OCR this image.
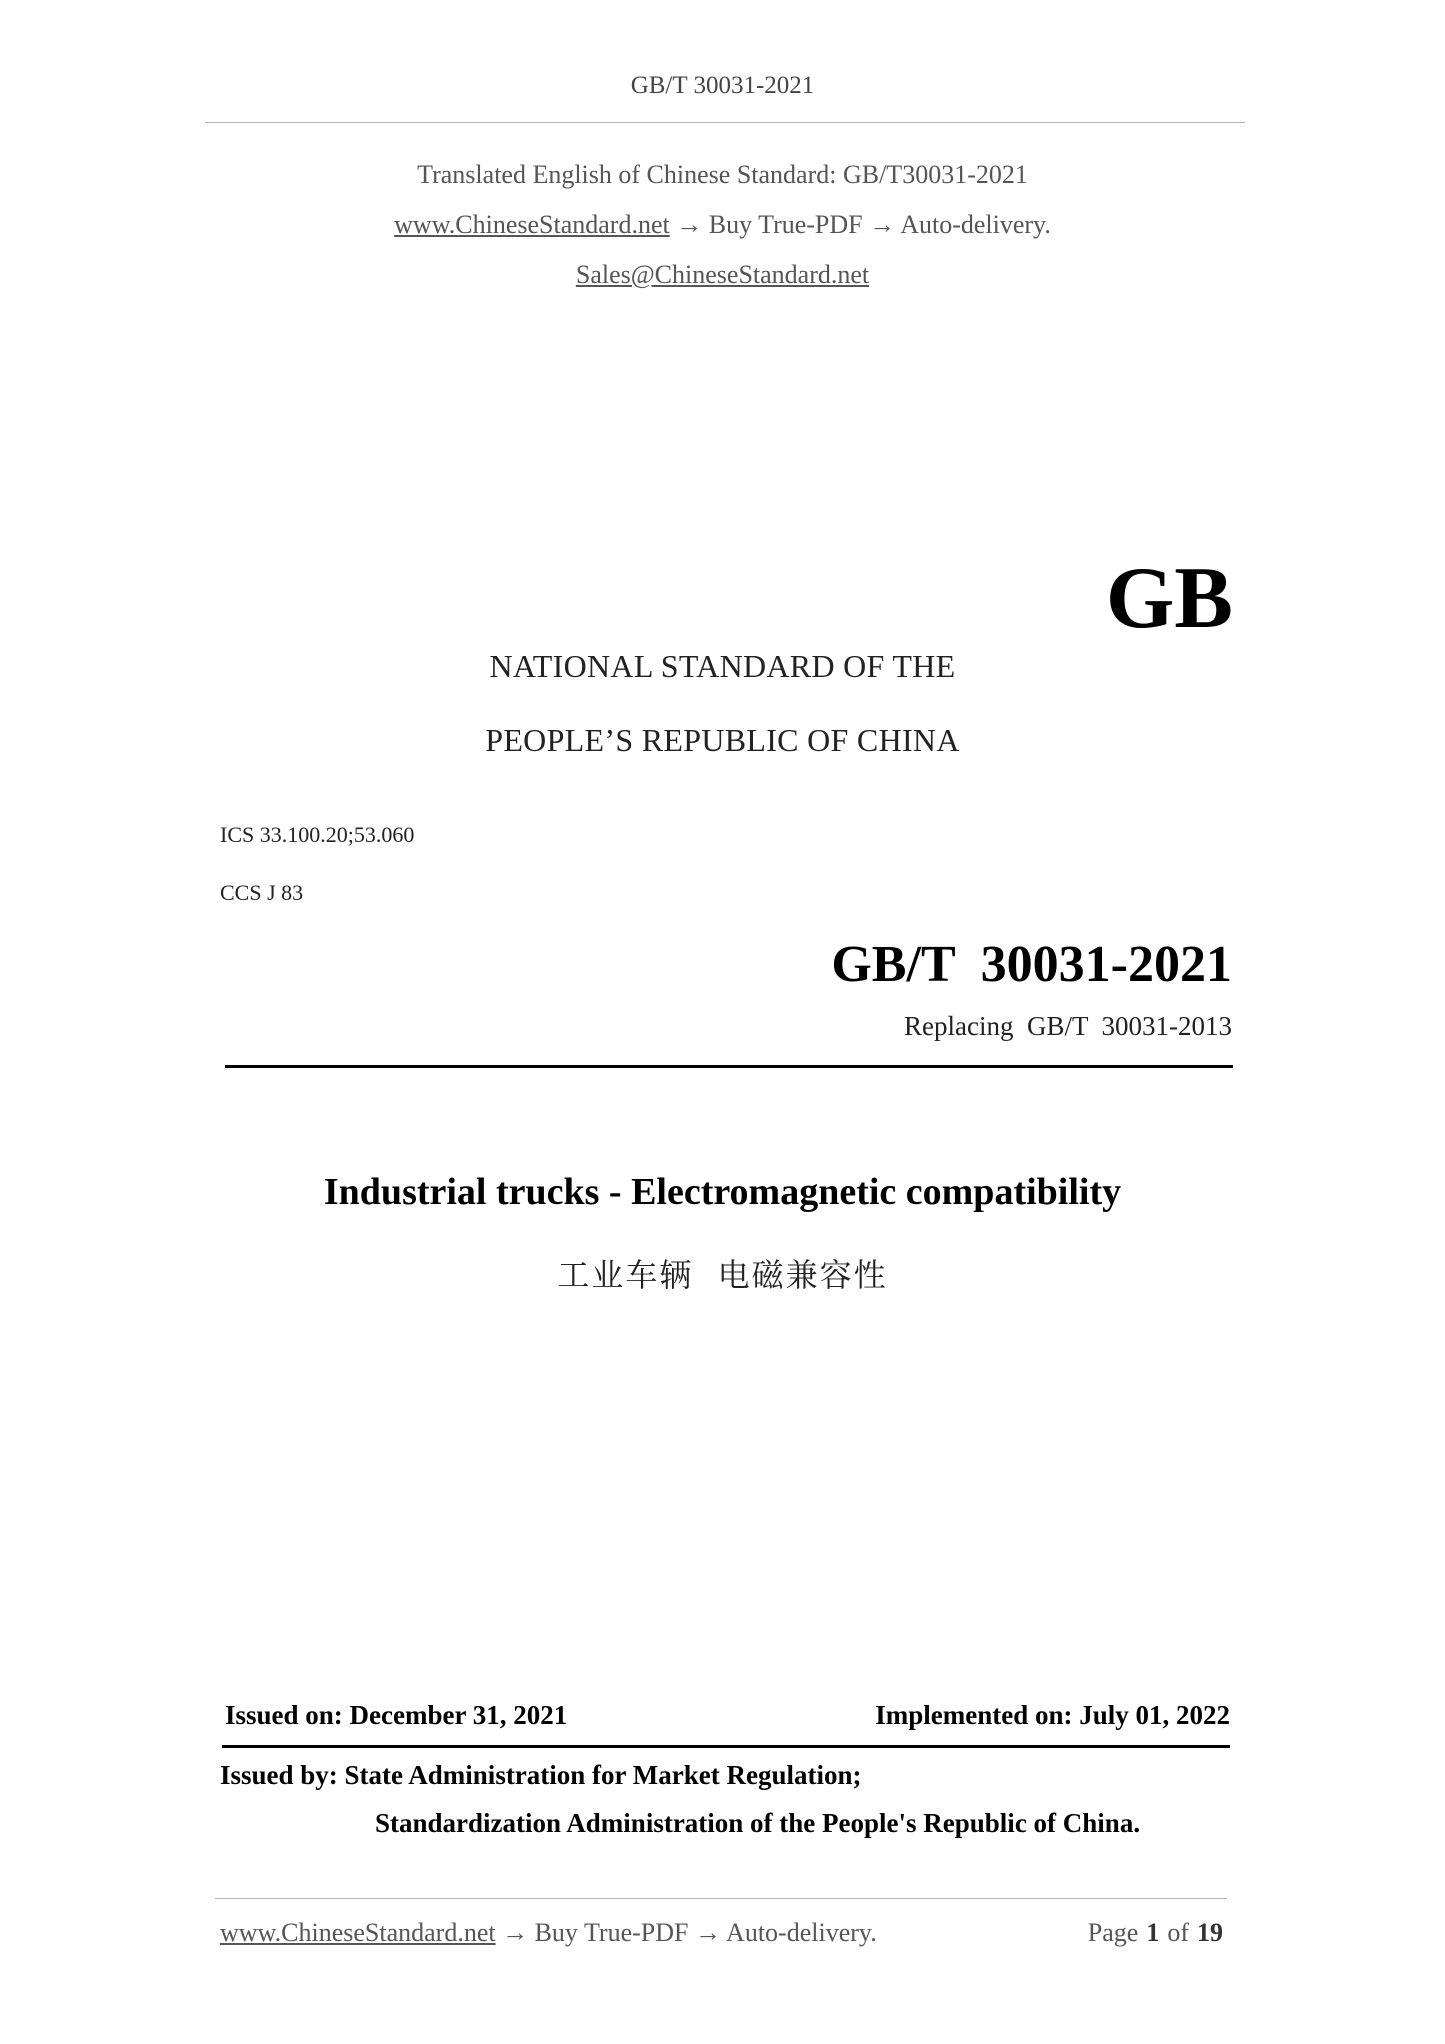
GB/T 30031-2021
Translated English of Chinese Standard: GB/T30031-2021
www.ChineseStandard.net → Buy True-PDF → Auto-delivery.
Sales@ChineseStandard.net
GB
NATIONAL STANDARD OF THE
PEOPLE’S REPUBLIC OF CHINA
ICS 33.100.20;53.060
CCS J 83
GB/T  30031-2021
Replacing  GB/T  30031-2013
Industrial trucks - Electromagnetic compatibility
工业车辆  电磁兼容性
Issued on: December 31, 2021	Implemented on: July 01, 2022
Issued by: State Administration for Market Regulation;
Standardization Administration of the People's Republic of China.
www.ChineseStandard.net → Buy True-PDF → Auto-delivery.	Page 1 of 19
